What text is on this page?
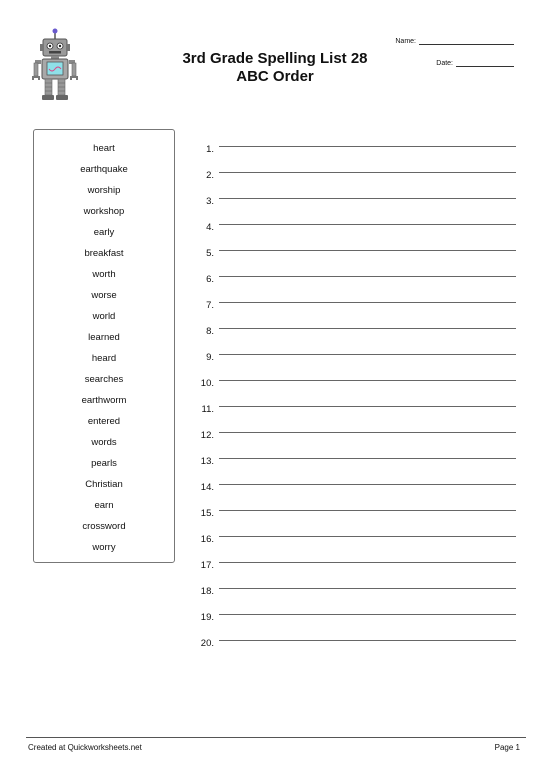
3rd Grade Spelling List 28
ABC Order
Name:
Date:
heart
earthquake
worship
workshop
early
breakfast
worth
worse
world
learned
heard
searches
earthworm
entered
words
pearls
Christian
earn
crossword
worry
1.
2.
3.
4.
5.
6.
7.
8.
9.
10.
11.
12.
13.
14.
15.
16.
17.
18.
19.
20.
Created at Quickworksheets.net	Page 1
